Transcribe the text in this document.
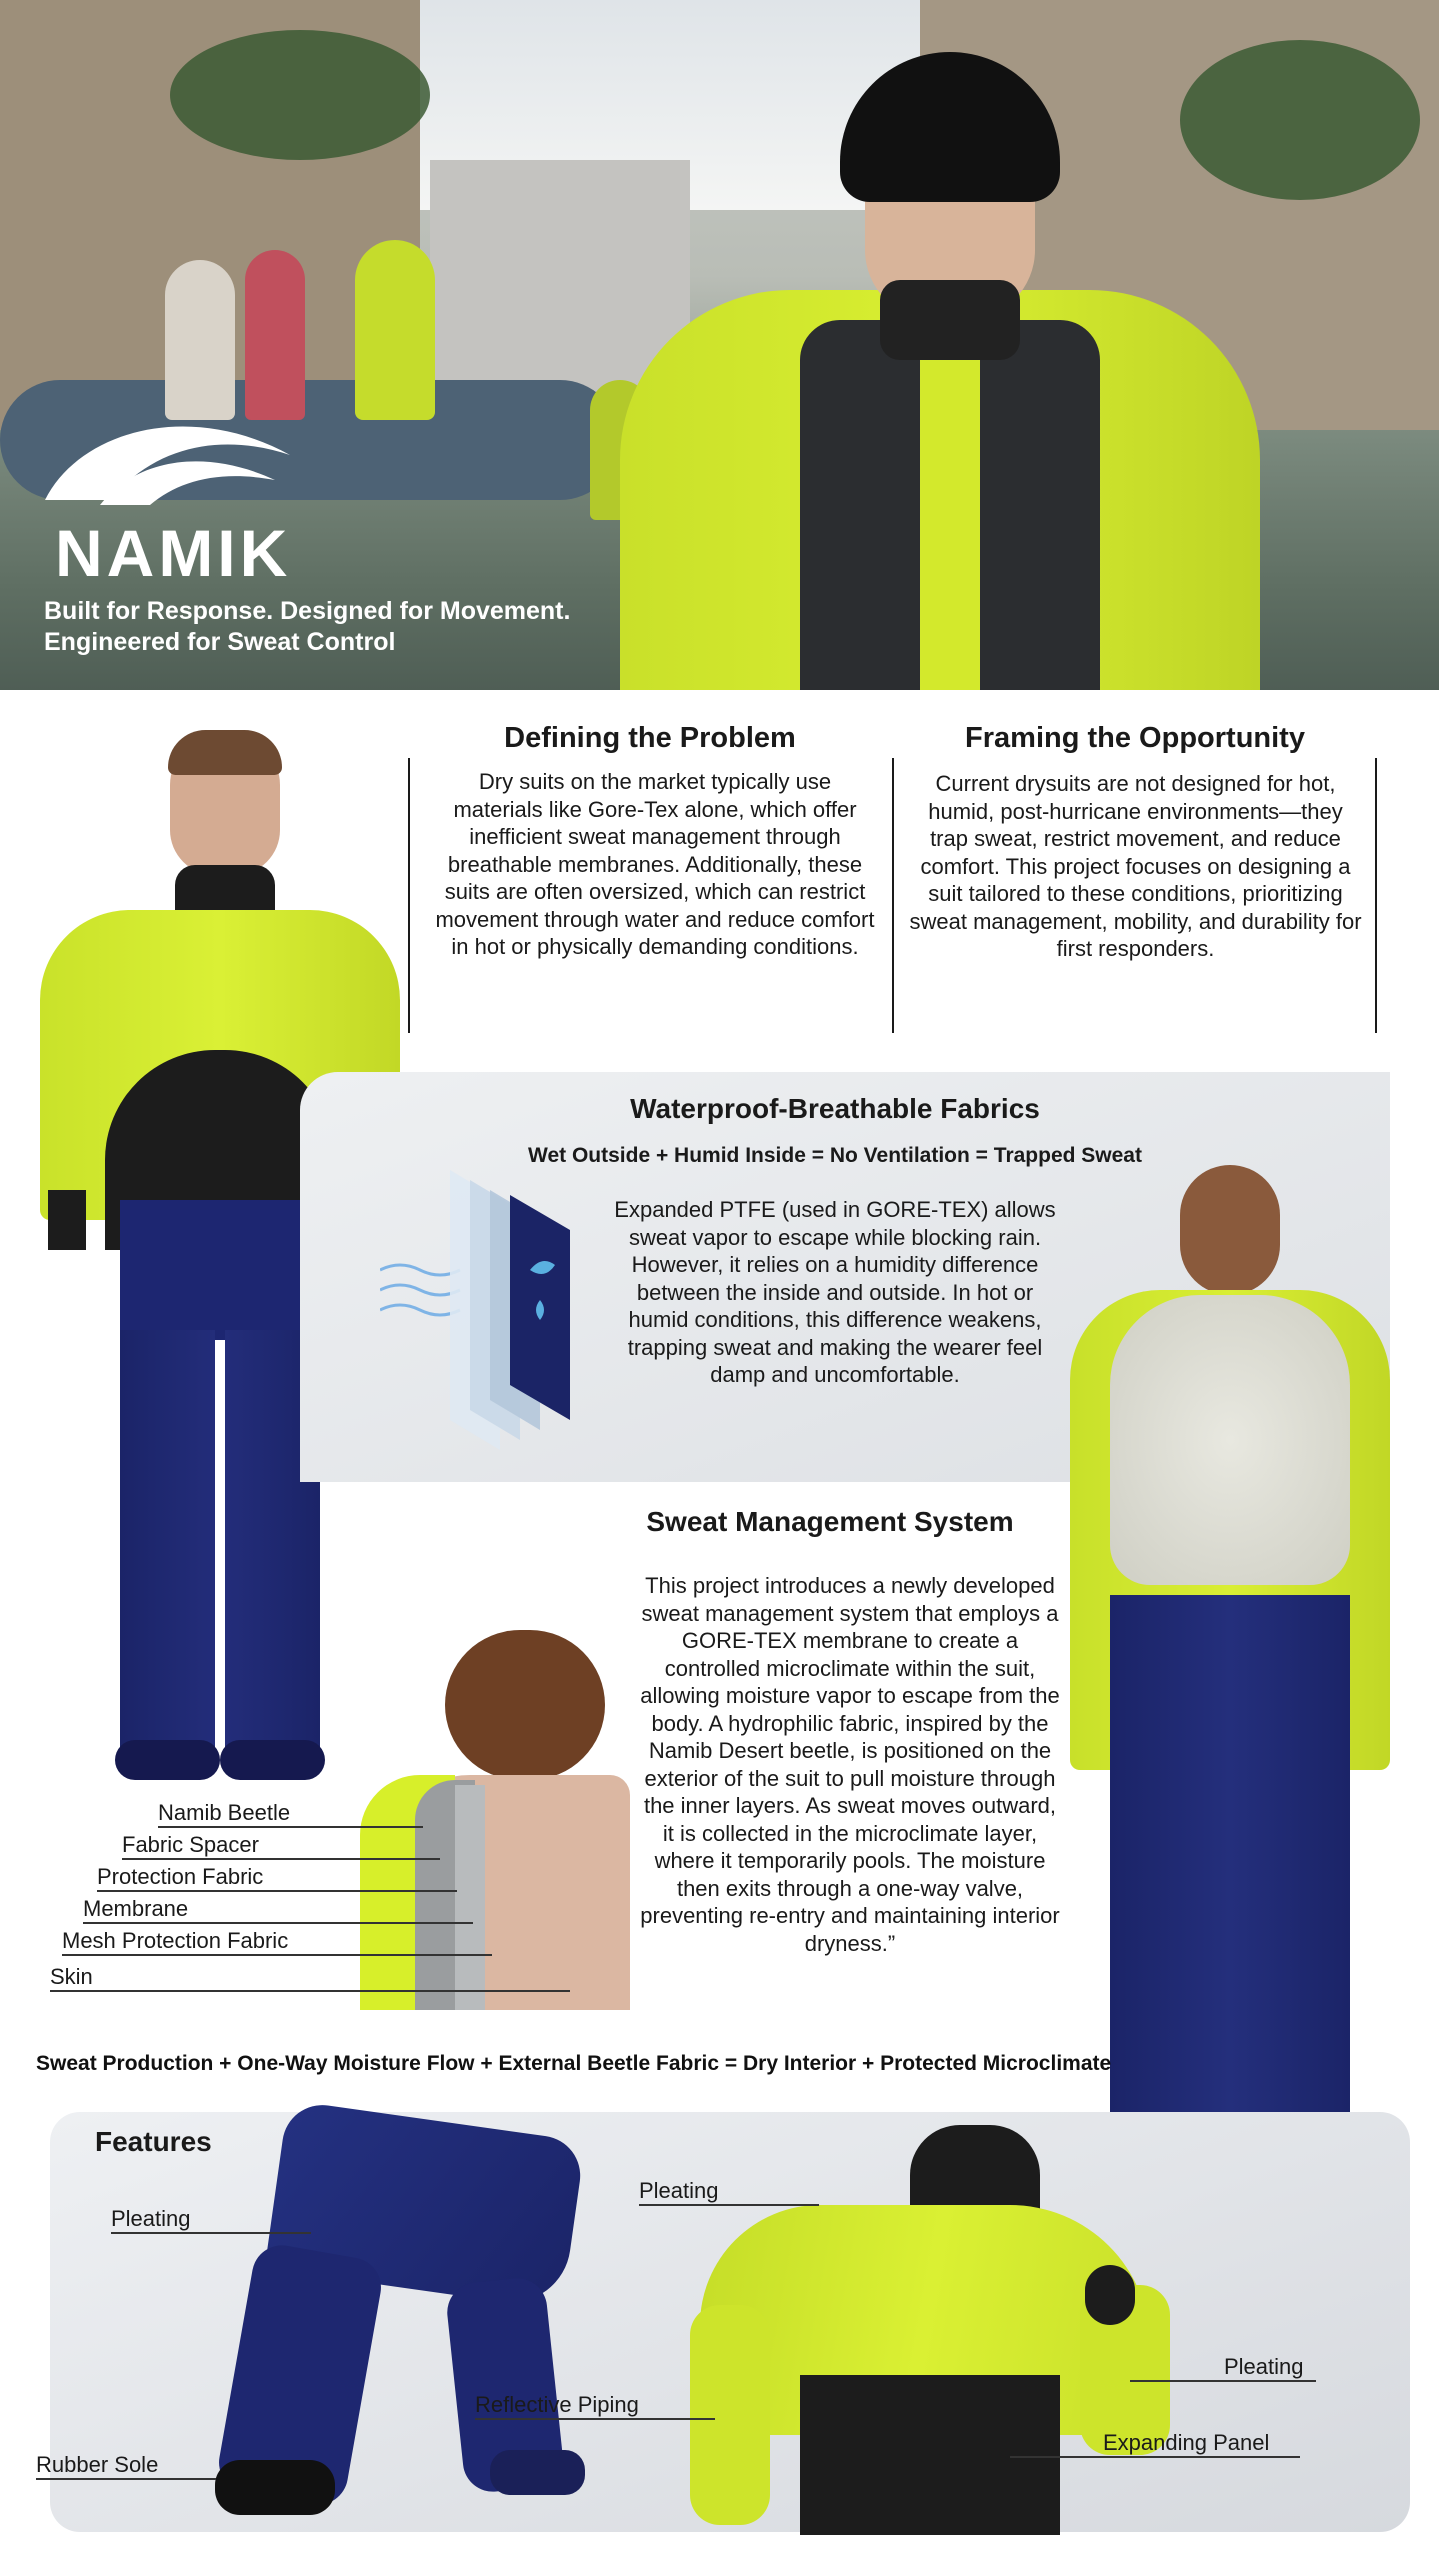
NAMIK
Built for Response. Designed for Movement.
Engineered for Sweat Control
Defining the Problem
Dry suits on the market typically use materials like Gore-Tex alone, which offer inefficient sweat management through breathable membranes. Additionally, these suits are often oversized, which can restrict movement through water and reduce comfort in hot or physically demanding conditions.
Framing the Opportunity
Current drysuits are not designed for hot, humid, post-hurricane environments—they trap sweat, restrict movement, and reduce comfort. This project focuses on designing a suit tailored to these conditions, prioritizing sweat management, mobility, and durability for first responders.
Waterproof-Breathable Fabrics
Wet Outside + Humid Inside = No Ventilation = Trapped Sweat
Expanded PTFE (used in GORE-TEX) allows sweat vapor to escape while blocking rain. However, it relies on a humidity difference between the inside and outside. In hot or humid conditions, this difference weakens, trapping sweat and making the wearer feel damp and uncomfortable.
Sweat Management System
This project introduces a newly developed sweat management system that employs a GORE-TEX membrane to create a controlled microclimate within the suit, allowing moisture vapor to escape from the body. A hydrophilic fabric, inspired by the Namib Desert beetle, is positioned on the exterior of the suit to pull moisture through the inner layers. As sweat moves outward, it is collected in the microclimate layer, where it temporarily pools. The moisture then exits through a one-way valve, preventing re-entry and maintaining interior dryness.”
Namib Beetle
Fabric Spacer
Protection Fabric
Membrane
Mesh Protection Fabric
Skin
Sweat Production + One-Way Moisture Flow + External Beetle Fabric = Dry Interior + Protected Microclimate
Features
Pleating
Rubber Sole
Reflective Piping
Pleating
Pleating
Expanding Panel
